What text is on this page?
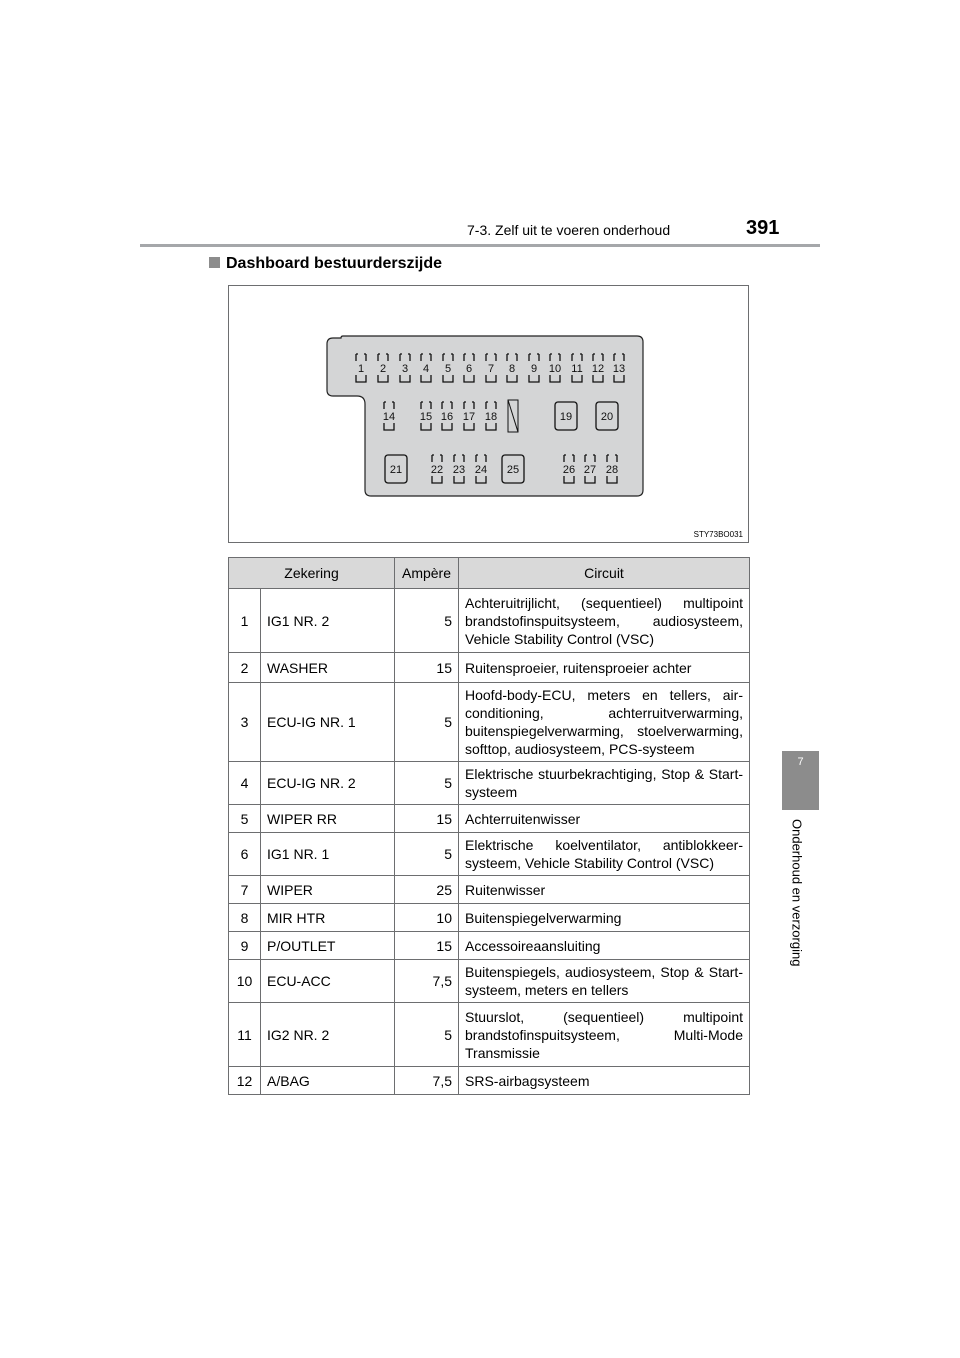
7-3. Zelf uit te voeren onderhoud	391
Dashboard bestuurderszijde
7
Onderhoud en verzorging
1 2 3 4 5 6 7 8 9 10 11 12 13
14 15 16 17 18	19	20
21	22 23 24 25	26 27 28
STY73BO031
Zekering		Ampère	Circuit
1	IG1 NR. 2	5	Achteruitrijlicht, (sequentieel) multipoint brandstofinspuitsysteem, audiosysteem, Vehicle Stability Control (VSC)
2	WASHER	15	Ruitensproeier, ruitensproeier achter
3	ECU-IG NR. 1	5	Hoofd-body-ECU, meters en tellers, air-conditioning, achterruitverwarming, buitenspiegelverwarming, stoelverwarming, softtop, audiosysteem, PCS-systeem
4	ECU-IG NR. 2	5	Elektrische stuurbekrachtiging, Stop & Start-systeem
5	WIPER RR	15	Achterruitenwisser
6	IG1 NR. 1	5	Elektrische koelventilator, antiblokkeer-systeem, Vehicle Stability Control (VSC)
7	WIPER	25	Ruitenwisser
8	MIR HTR	10	Buitenspiegelverwarming
9	P/OUTLET	15	Accessoireaansluiting
10	ECU-ACC	7,5	Buitenspiegels, audiosysteem, Stop & Start-systeem, meters en tellers
11	IG2 NR. 2	5	Stuurslot, (sequentieel) multipoint brandstofinspuitsysteem, Multi-Mode Transmissie
12	A/BAG	7,5	SRS-airbagsysteem
